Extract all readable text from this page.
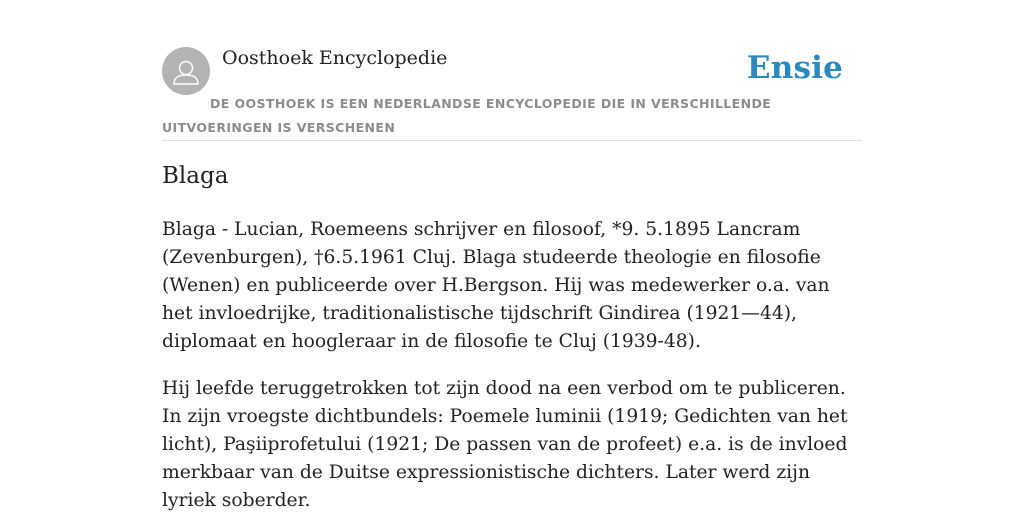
Oosthoek Encyclopedie	Ensie
DE OOSTHOEK IS EEN NEDERLANDSE ENCYCLOPEDIE DIE IN VERSCHILLENDE UITVOERINGEN IS VERSCHENEN
Blaga

Blaga - Lucian, Roemeens schrijver en filosoof, *9. 5.1895 Lancram (Zevenburgen), †6.5.1961 Cluj. Blaga studeerde theologie en filosofie (Wenen) en publiceerde over H.Bergson. Hij was medewerker o.a. van het invloedrijke, traditionalistische tijdschrift Gindirea (1921—44), diplomaat en hoogleraar in de filosofie te Cluj (1939-48).

Hij leefde teruggetrokken tot zijn dood na een verbod om te publiceren. In zijn vroegste dichtbundels: Poemele luminii (1919; Gedichten van het licht), Paşiiprofetului (1921; De passen van de profeet) e.a. is de invloed merkbaar van de Duitse expressionistische dichters. Later werd zijn lyriek soberder.
